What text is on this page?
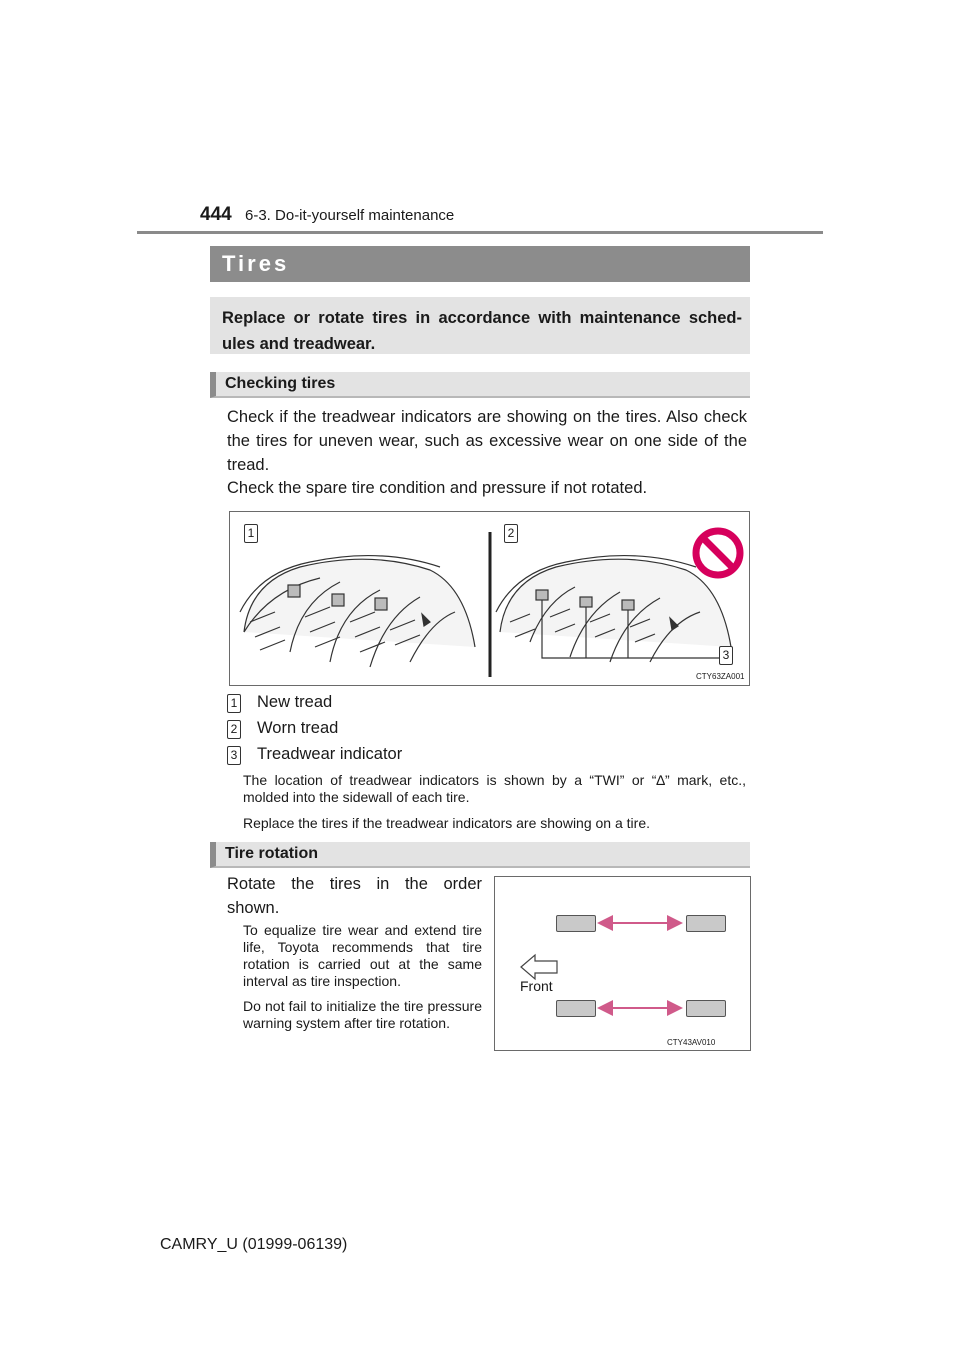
444 6-3. Do-it-yourself maintenance
Tires

Replace or rotate tires in accordance with maintenance sched-ules and treadwear.

Checking tires

Check if the treadwear indicators are showing on the tires. Also check the tires for uneven wear, such as excessive wear on one side of the tread.

Check the spare tire condition and pressure if not rotated.

1	2
3
CTY63ZA001
1 New tread
2 Worn tread
3 Treadwear indicator

The location of treadwear indicators is shown by a “TWI” or “∆” mark, etc., molded into the sidewall of each tire.

Replace the tires if the treadwear indicators are showing on a tire.

Tire rotation

Rotate the tires in the order shown.

To equalize tire wear and extend tire life, Toyota recommends that tire rotation is carried out at the same interval as tire inspection.

Do not fail to initialize the tire pressure warning system after tire rotation.

Front
CTY43AV010
CAMRY_U (01999-06139)
